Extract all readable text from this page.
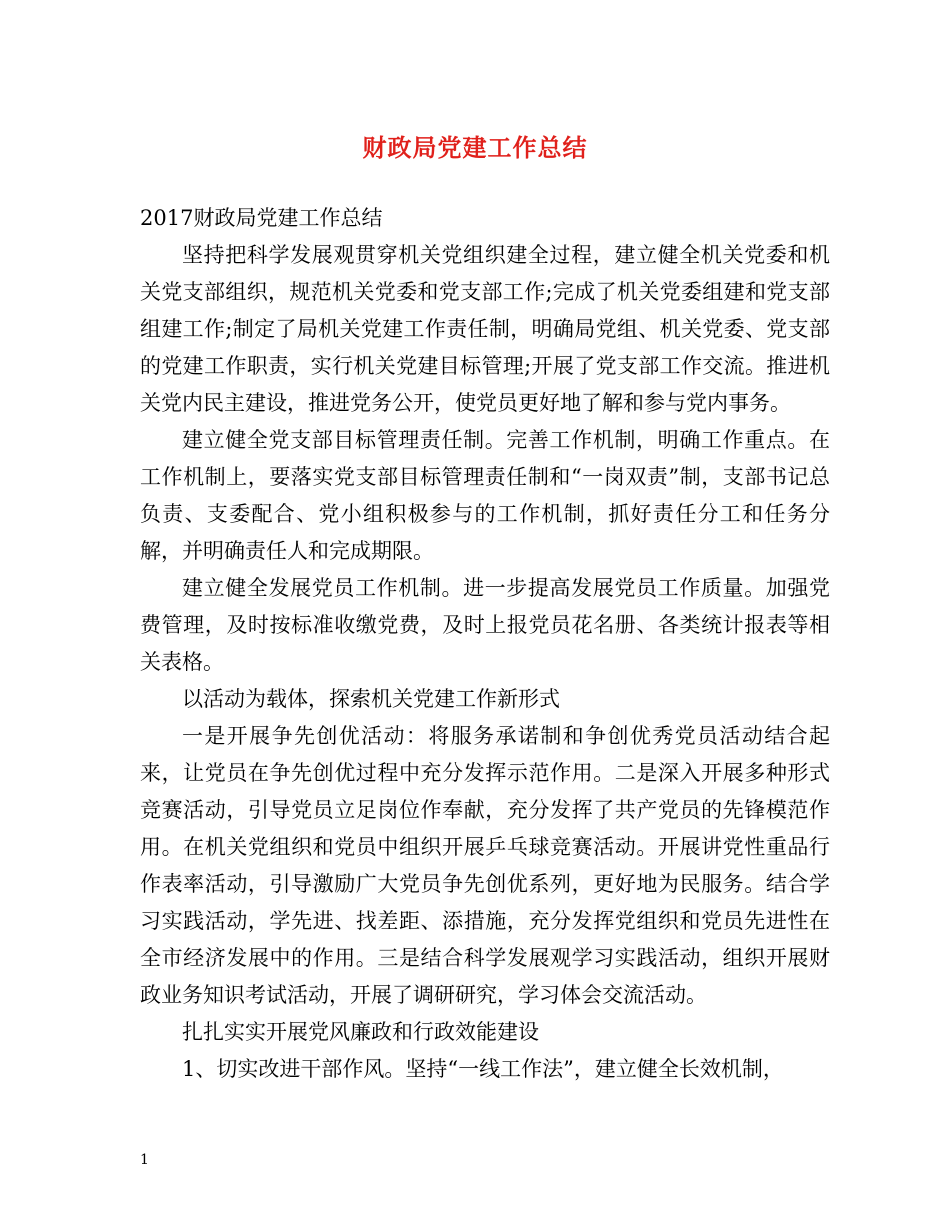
财政局党建工作总结

2017财政局党建工作总结

坚持把科学发展观贯穿机关党组织建全过程，建立健全机关党委和机关党支部组织，规范机关党委和党支部工作;完成了机关党委组建和党支部组建工作;制定了局机关党建工作责任制，明确局党组、机关党委、党支部的党建工作职责，实行机关党建目标管理;开展了党支部工作交流。推进机关党内民主建设，推进党务公开，使党员更好地了解和参与党内事务。

建立健全党支部目标管理责任制。完善工作机制，明确工作重点。在工作机制上，要落实党支部目标管理责任制和“一岗双责”制，支部书记总负责、支委配合、党小组积极参与的工作机制，抓好责任分工和任务分解，并明确责任人和完成期限。

建立健全发展党员工作机制。进一步提高发展党员工作质量。加强党费管理，及时按标准收缴党费，及时上报党员花名册、各类统计报表等相关表格。

以活动为载体，探索机关党建工作新形式

一是开展争先创优活动：将服务承诺制和争创优秀党员活动结合起来，让党员在争先创优过程中充分发挥示范作用。二是深入开展多种形式竞赛活动，引导党员立足岗位作奉献，充分发挥了共产党员的先锋模范作用。在机关党组织和党员中组织开展乒乓球竞赛活动。开展讲党性重品行作表率活动，引导激励广大党员争先创优系列，更好地为民服务。结合学习实践活动，学先进、找差距、添措施，充分发挥党组织和党员先进性在全市经济发展中的作用。三是结合科学发展观学习实践活动，组织开展财政业务知识考试活动，开展了调研研究，学习体会交流活动。

扎扎实实开展党风廉政和行政效能建设

1、切实改进干部作风。坚持“一线工作法”，建立健全长效机制，

1
